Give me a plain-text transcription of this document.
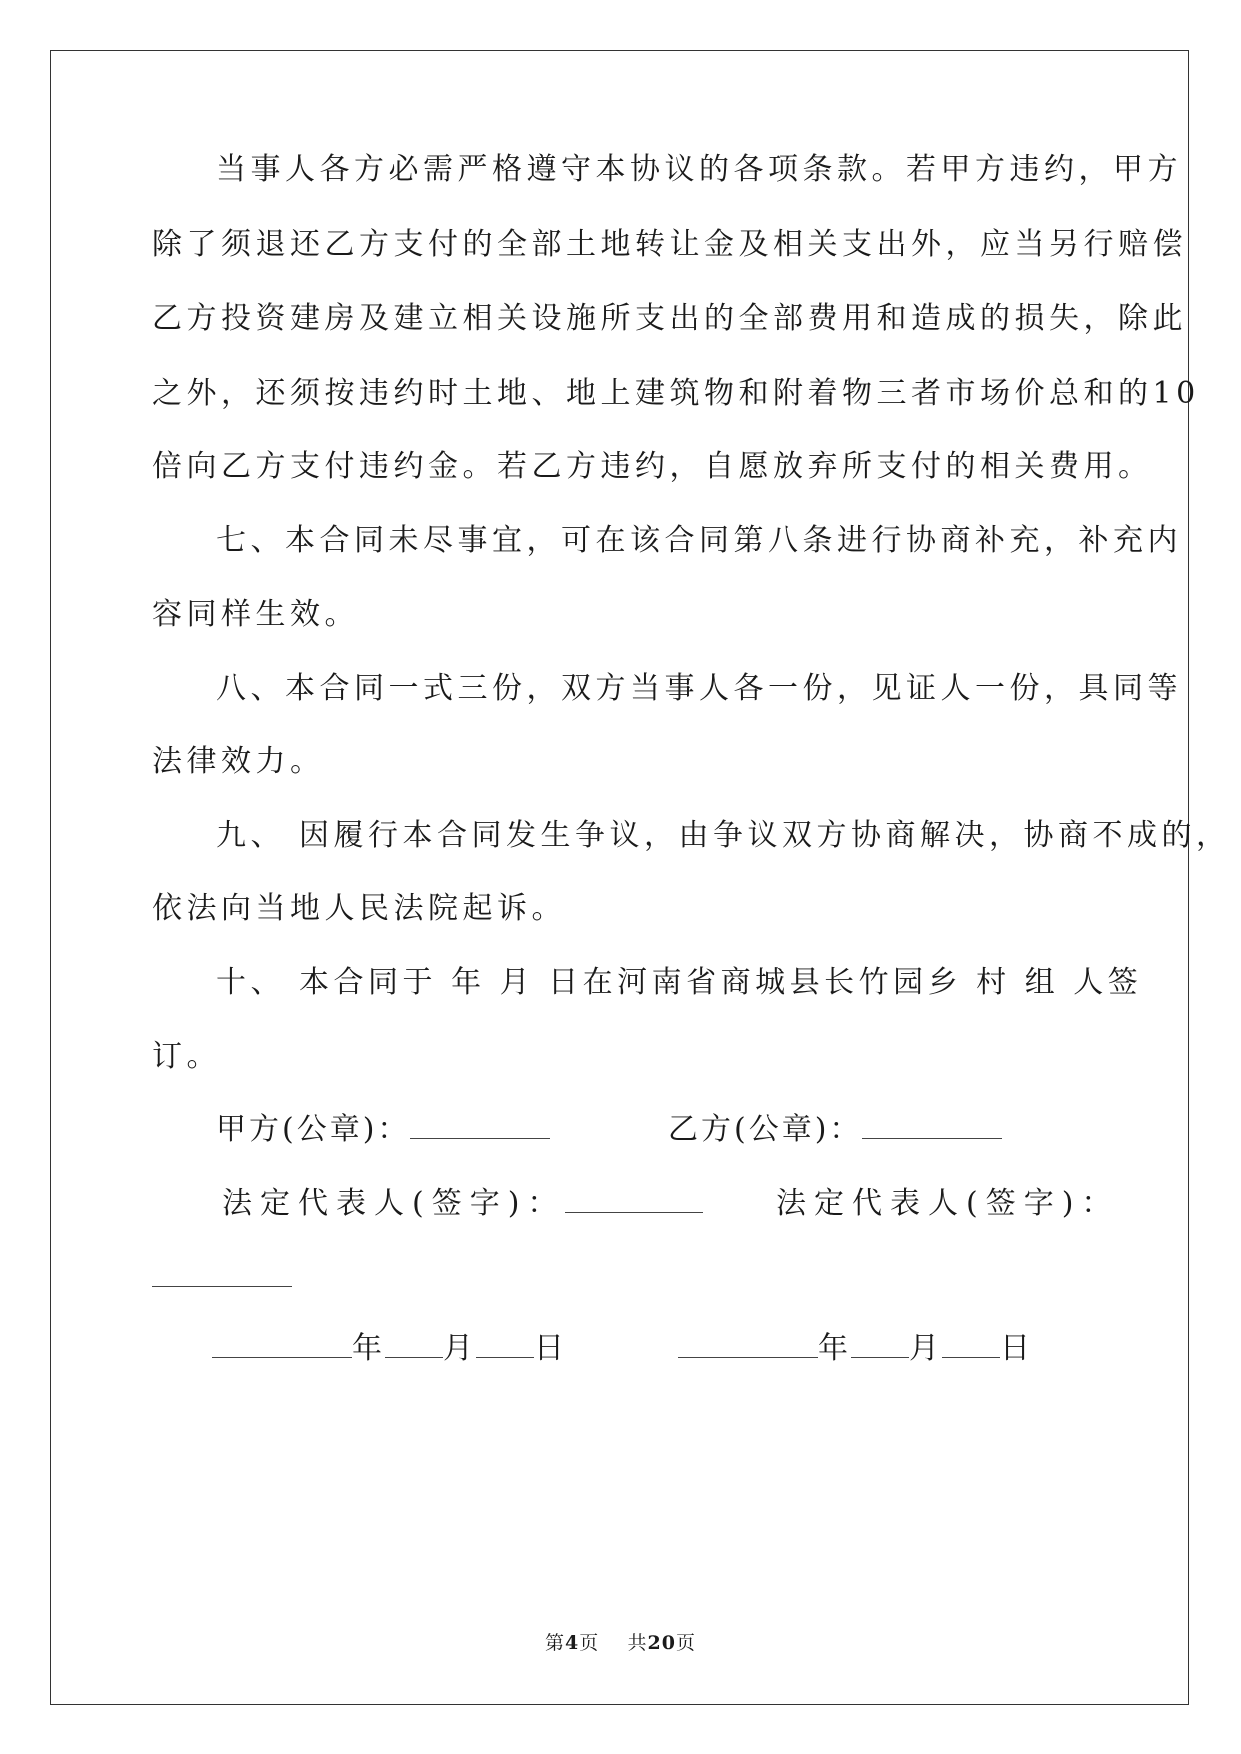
当事人各方必需严格遵守本协议的各项条款。若甲方违约，甲方
除了须退还乙方支付的全部土地转让金及相关支出外，应当另行赔偿
乙方投资建房及建立相关设施所支出的全部费用和造成的损失，除此
之外，还须按违约时土地、地上建筑物和附着物三者市场价总和的10
倍向乙方支付违约金。若乙方违约，自愿放弃所支付的相关费用。
七、本合同未尽事宜，可在该合同第八条进行协商补充，补充内
容同样生效。
八、本合同一式三份，双方当事人各一份，见证人一份，具同等
法律效力。
九、 因履行本合同发生争议，由争议双方协商解决，协商不成的，
依法向当地人民法院起诉。
十、 本合同于 年 月 日在河南省商城县长竹园乡 村 组 人签
订。
甲方(公章)：	乙方(公章)：
法定代表人(签字)：	法定代表人(签字)：
年 月 日	年 月 日
第4页 共20页
